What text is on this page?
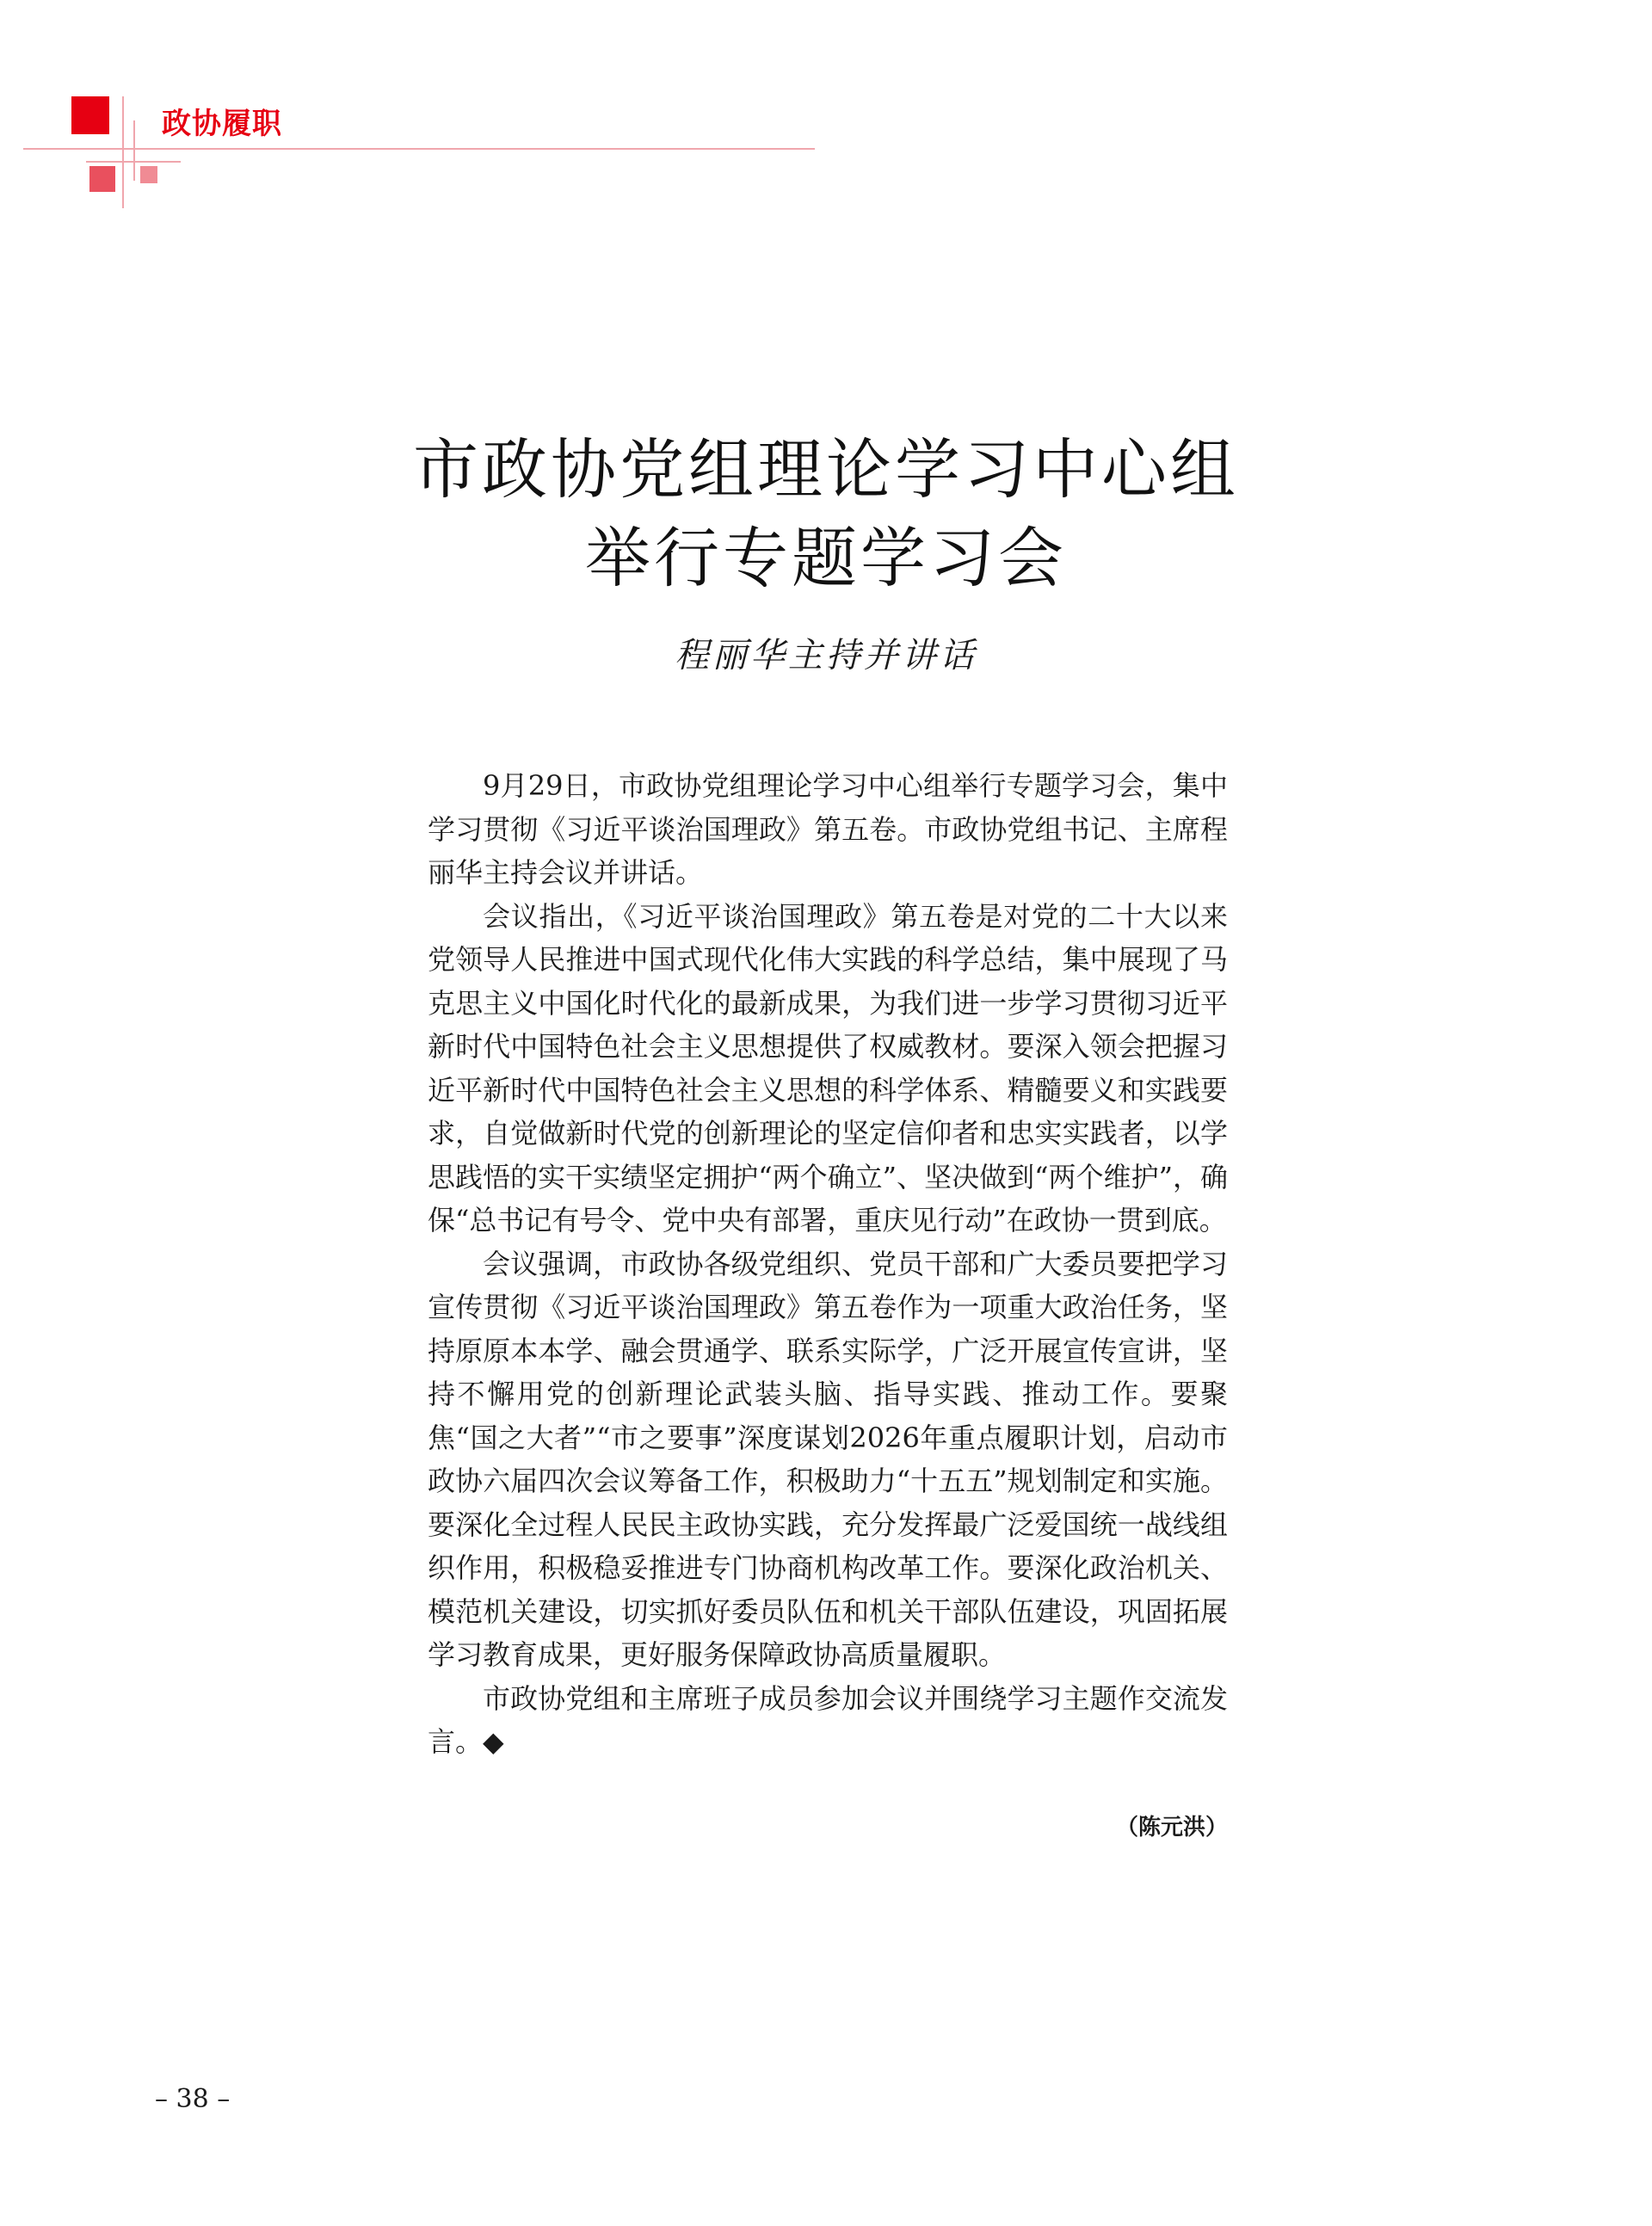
政协履职
市政协党组理论学习中心组
举行专题学习会
程丽华主持并讲话

9月29日，市政协党组理论学习中心组举行专题学习会，集中学习贯彻《习近平谈治国理政》第五卷。市政协党组书记、主席程丽华主持会议并讲话。

会议指出，《习近平谈治国理政》第五卷是对党的二十大以来党领导人民推进中国式现代化伟大实践的科学总结，集中展现了马克思主义中国化时代化的最新成果，为我们进一步学习贯彻习近平新时代中国特色社会主义思想提供了权威教材。要深入领会把握习近平新时代中国特色社会主义思想的科学体系、精髓要义和实践要求，自觉做新时代党的创新理论的坚定信仰者和忠实实践者，以学思践悟的实干实绩坚定拥护“两个确立”、坚决做到“两个维护”，确保“总书记有号令、党中央有部署，重庆见行动”在政协一贯到底。

会议强调，市政协各级党组织、党员干部和广大委员要把学习宣传贯彻《习近平谈治国理政》第五卷作为一项重大政治任务，坚持原原本本学、融会贯通学、联系实际学，广泛开展宣传宣讲，坚持不懈用党的创新理论武装头脑、指导实践、推动工作。要聚焦“国之大者”“市之要事”深度谋划2026年重点履职计划，启动市政协六届四次会议筹备工作，积极助力“十五五”规划制定和实施。要深化全过程人民民主政协实践，充分发挥最广泛爱国统一战线组织作用，积极稳妥推进专门协商机构改革工作。要深化政治机关、模范机关建设，切实抓好委员队伍和机关干部队伍建设，巩固拓展学习教育成果，更好服务保障政协高质量履职。

市政协党组和主席班子成员参加会议并围绕学习主题作交流发言。◆

（陈元洪）
– 38 –
